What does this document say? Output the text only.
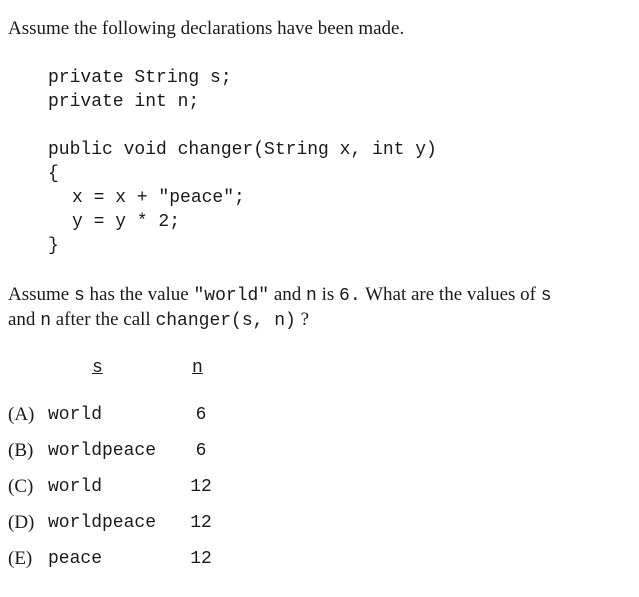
Assume the following declarations have been made.
private String s;
private int n;
public void changer(String x, int y)
{
x = x + "peace";
y = y * 2;
}
Assume s has the value "world" and n is 6. What are the values of s
and n after the call changer(s, n) ?
s	n
(A) world	6
(B) worldpeace	6
(C) world	12
(D) worldpeace 12
(E) peace	12
